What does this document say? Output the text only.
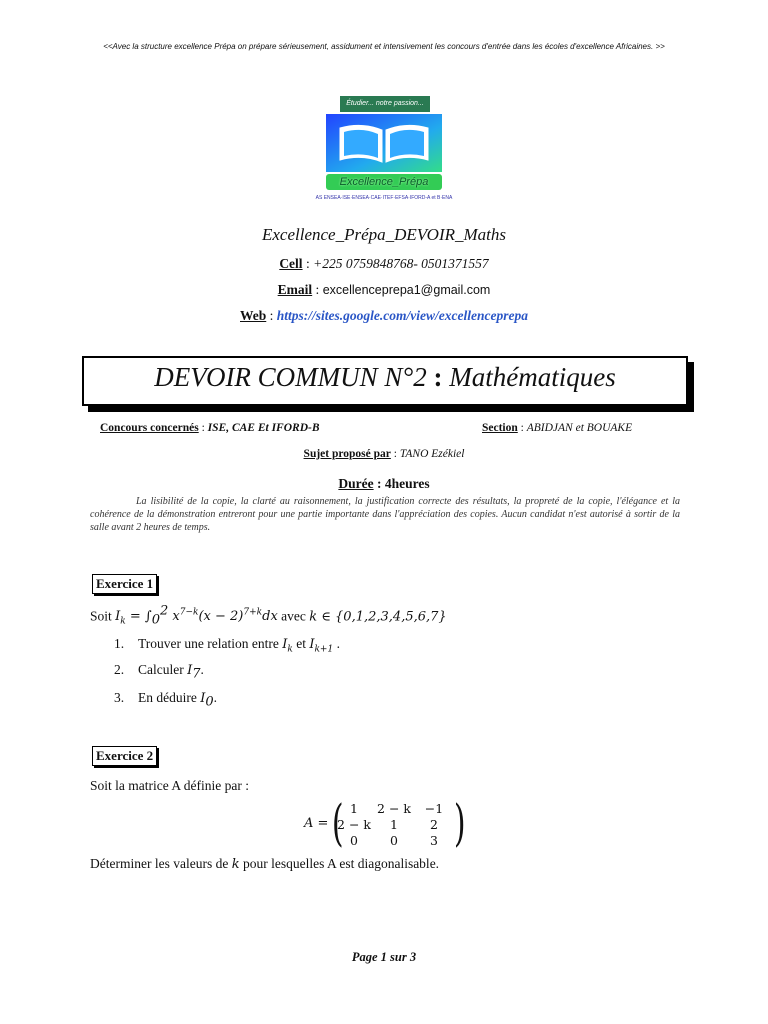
<<Avec la structure excellence Prépa on prépare sérieusement, assidument et intensivement les concours d'entrée dans les écoles d'excellence Africaines. >>
Étudier... notre passion...
Excellence_Prépa
AS ENSEA·ISE·ENSEA·CAE·ITEF·EFSA·IFORD-A et B·ENA
Excellence_Prépa_DEVOIR_Maths
Cell : +225 0759848768- 0501371557
Email : excellenceprepa1@gmail.com
Web : https://sites.google.com/view/excellenceprepa
DEVOIR COMMUN N°2 : Mathématiques
Concours concernés : ISE, CAE Et IFORD-B	Section : ABIDJAN et BOUAKE
Sujet proposé par : TANO Ezékiel
Durée : 4heures
La lisibilité de la copie, la clarté au raisonnement, la justification correcte des résultats, la propreté de la copie, l'élégance et la cohérence de la démonstration entreront pour une partie importante dans l'appréciation des copies. Aucun candidat n'est autorisé à sortir de la salle avant 2 heures de temps.
Exercice 1
Soit $I_k = \int_0^2$ $x^{7-k}(x - 2)^{7+k}dx$ avec k ∈ {0,1,2,3,4,5,6,7}
1. Trouver une relation entre $I_k$ et $I_{k+1}$ .
2. Calculer $I_7$.
3. En déduire $I_0$.
Exercice 2
Soit la matrice A définie par :
A = ( 1	2 − k	−1
2 − k	1	2
0	0	3 )
Déterminer les valeurs de k pour lesquelles A est diagonalisable.
Page 1 sur 3
